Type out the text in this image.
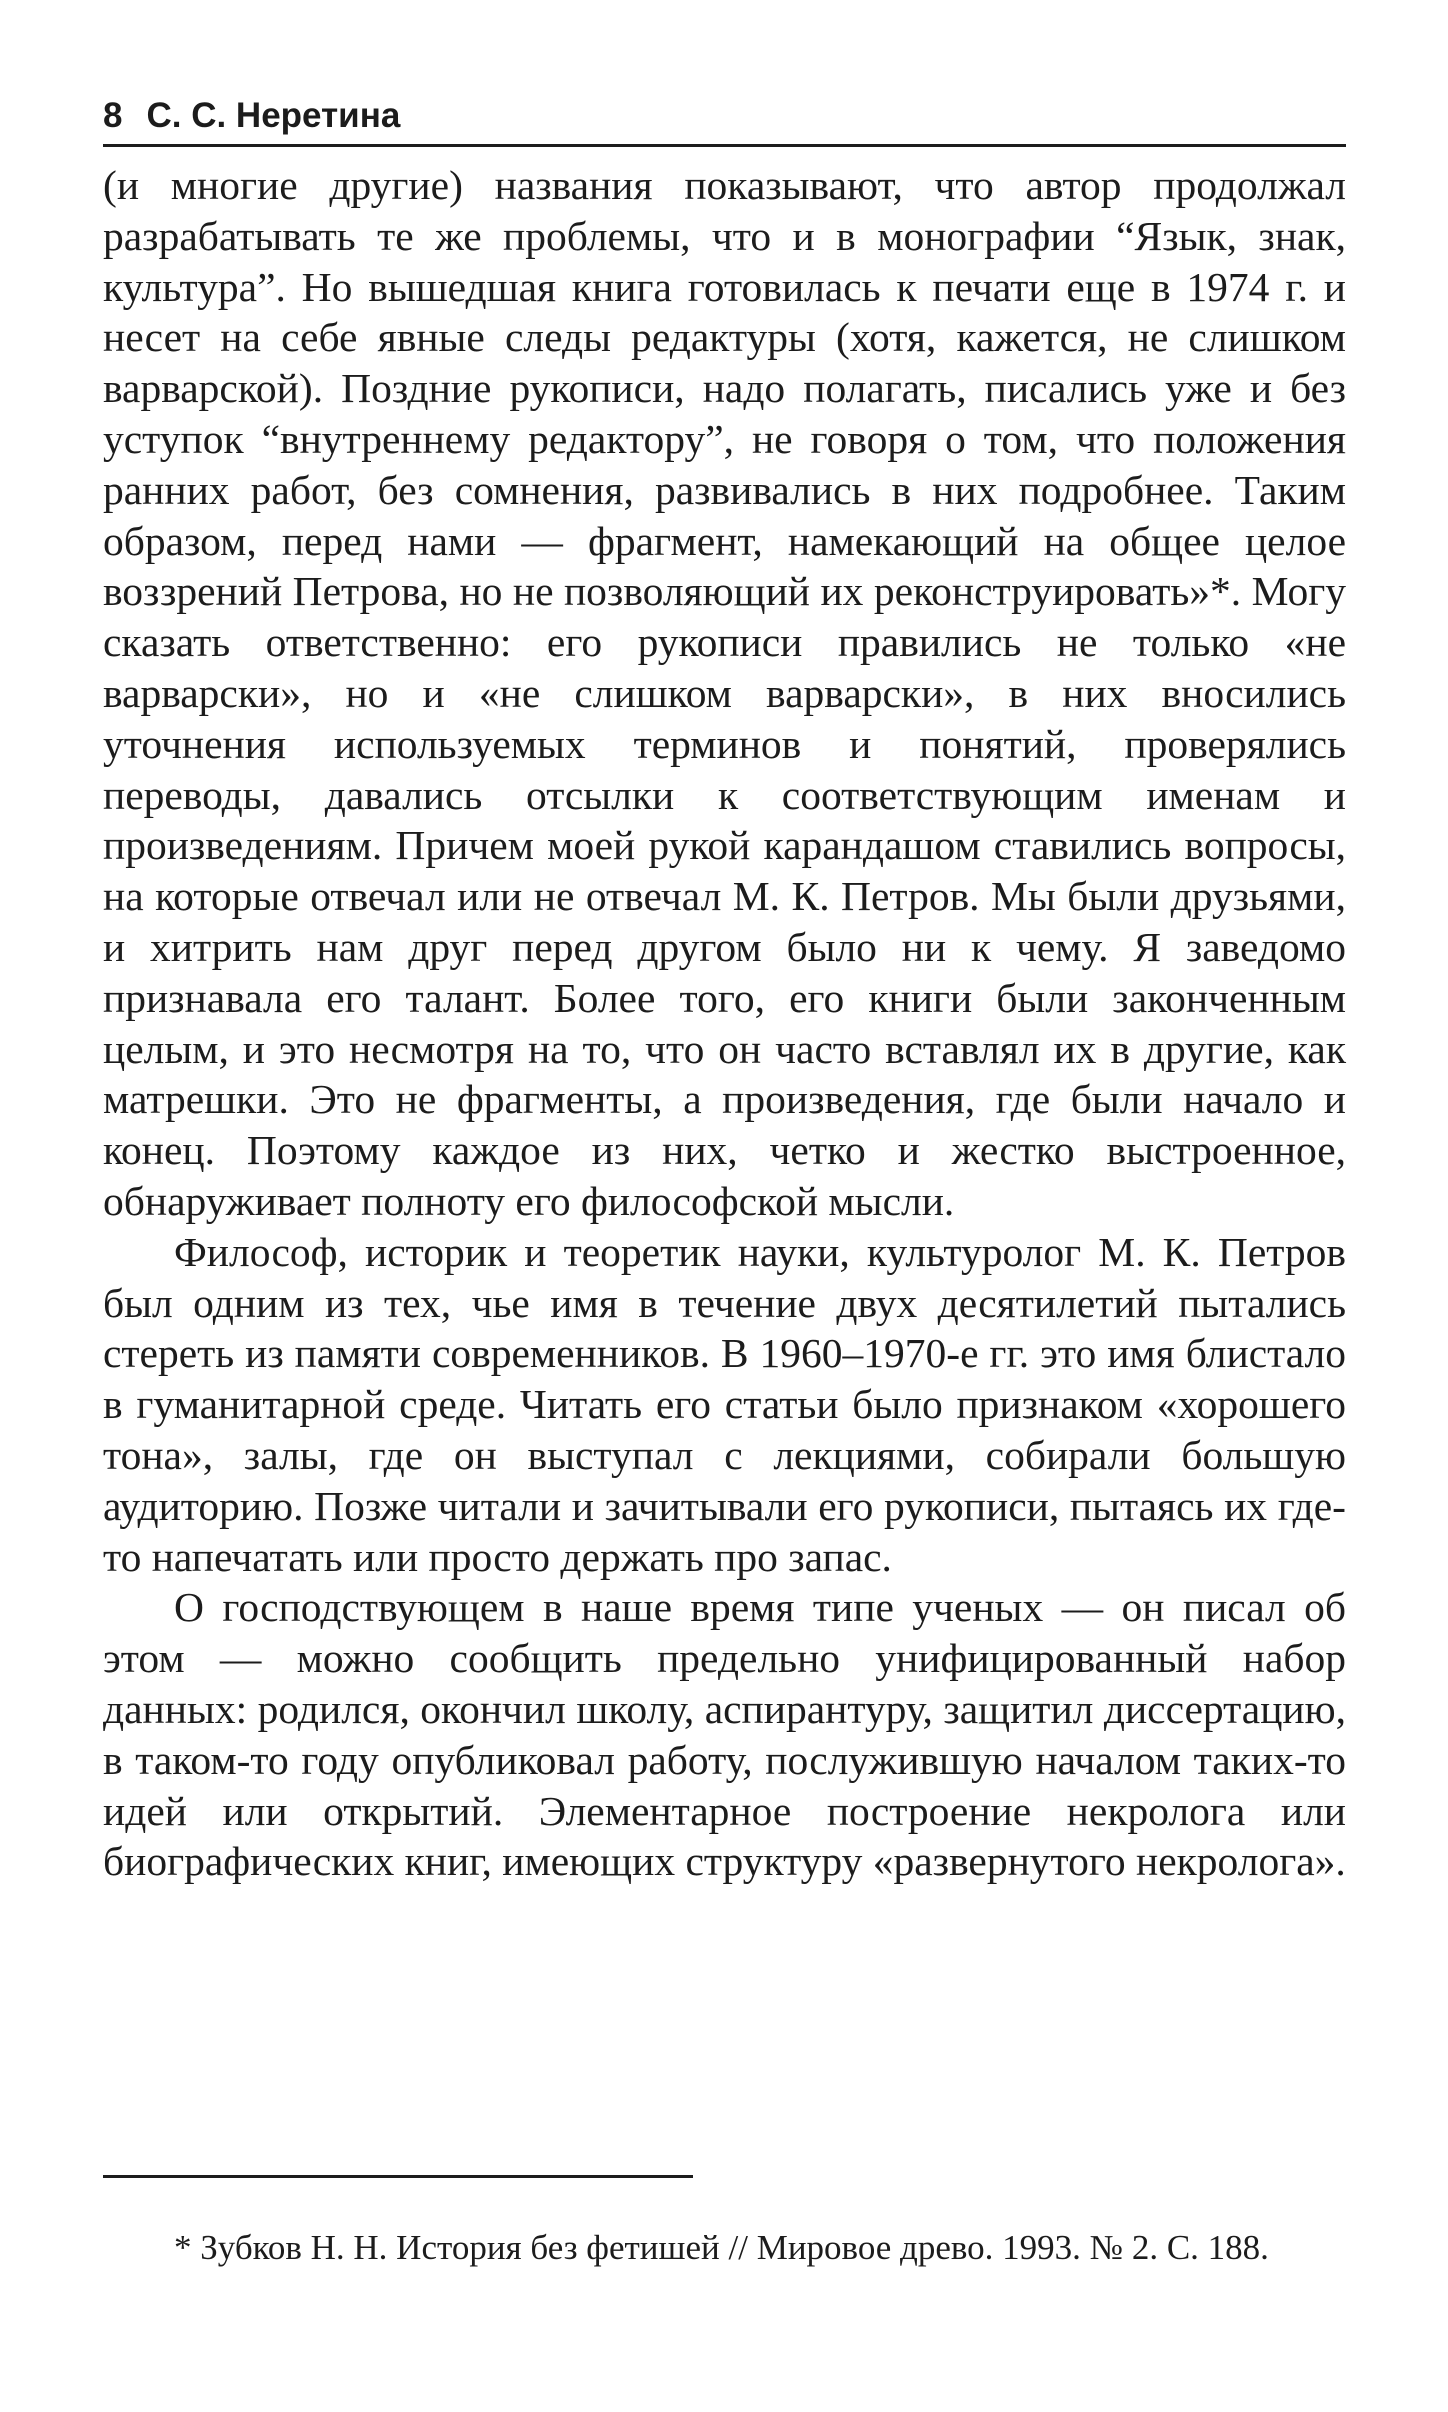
8 С. С. Неретина

(и многие другие) названия показывают, что автор продолжал разрабатывать те же проблемы, что и в монографии “Язык, знак, культура”. Но вышедшая книга готовилась к печати еще в 1974 г. и несет на себе явные следы редактуры (хотя, кажется, не слишком варварской). Поздние рукописи, надо полагать, писались уже и без уступок “внутреннему редактору”, не говоря о том, что положения ранних работ, без сомнения, развивались в них подробнее. Таким образом, перед нами — фрагмент, намекающий на общее целое воззрений Петрова, но не позволяющий их реконструировать»*. Могу сказать ответственно: его рукописи правились не только «не варварски», но и «не слишком варварски», в них вносились уточнения используемых терминов и понятий, проверялись переводы, давались отсылки к соответствующим именам и произведениям. Причем моей рукой карандашом ставились вопросы, на которые отвечал или не отвечал М. К. Петров. Мы были друзьями, и хитрить нам друг перед другом было ни к чему. Я заведомо признавала его талант. Более того, его книги были законченным целым, и это несмотря на то, что он часто вставлял их в другие, как матрешки. Это не фрагменты, а произведения, где были начало и конец. Поэтому каждое из них, четко и жестко выстроенное, обнаруживает полноту его философской мысли.

Философ, историк и теоретик науки, культуролог М. К. Петров был одним из тех, чье имя в течение двух десятилетий пытались стереть из памяти современников. В 1960–1970-е гг. это имя блистало в гуманитарной среде. Читать его статьи было признаком «хорошего тона», залы, где он выступал с лекциями, собирали большую аудиторию. Позже читали и зачитывали его рукописи, пытаясь их где-то напечатать или просто держать про запас.

О господствующем в наше время типе ученых — он писал об этом — можно сообщить предельно унифицированный набор данных: родился, окончил школу, аспирантуру, защитил диссертацию, в таком-то году опубликовал работу, послужившую началом таких-то идей или открытий. Элементарное построение некролога или биографических книг, имеющих структуру «развернутого некролога».

* Зубков Н. Н. История без фетишей // Мировое древо. 1993. № 2. С. 188.
